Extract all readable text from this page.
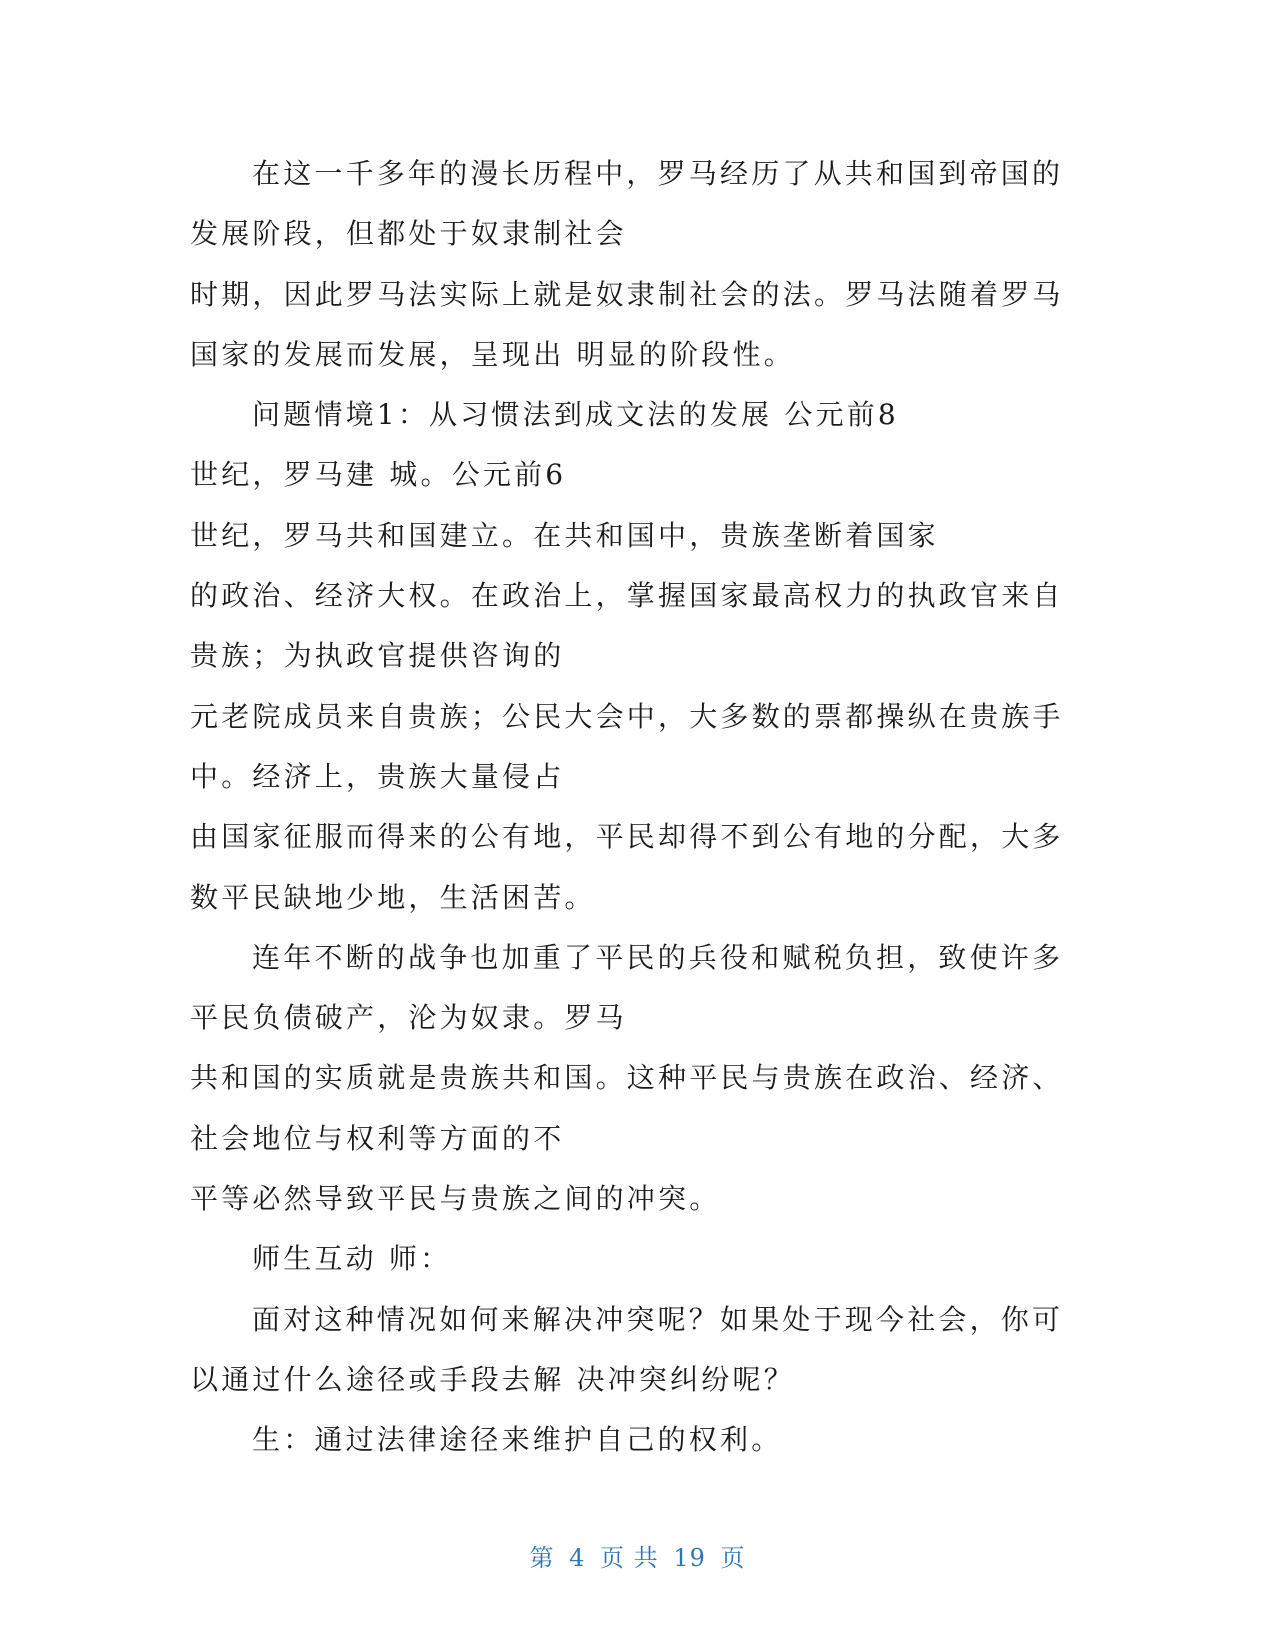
在这一千多年的漫长历程中，罗马经历了从共和国到帝国的
发展阶段，但都处于奴隶制社会
时期，因此罗马法实际上就是奴隶制社会的法。罗马法随着罗马
国家的发展而发展，呈现出 明显的阶段性。
问题情境1：从习惯法到成文法的发展 公元前8
世纪，罗马建 城。公元前6
世纪，罗马共和国建立。在共和国中，贵族垄断着国家
的政治、经济大权。在政治上，掌握国家最高权力的执政官来自
贵族；为执政官提供咨询的
元老院成员来自贵族；公民大会中，大多数的票都操纵在贵族手
中。经济上，贵族大量侵占
由国家征服而得来的公有地，平民却得不到公有地的分配，大多
数平民缺地少地，生活困苦。
连年不断的战争也加重了平民的兵役和赋税负担，致使许多
平民负债破产，沦为奴隶。罗马
共和国的实质就是贵族共和国。这种平民与贵族在政治、经济、
社会地位与权利等方面的不
平等必然导致平民与贵族之间的冲突。
师生互动 师：
面对这种情况如何来解决冲突呢？如果处于现今社会，你可
以通过什么途径或手段去解 决冲突纠纷呢？
生：通过法律途径来维护自己的权利。
第 4 页 共 19 页
